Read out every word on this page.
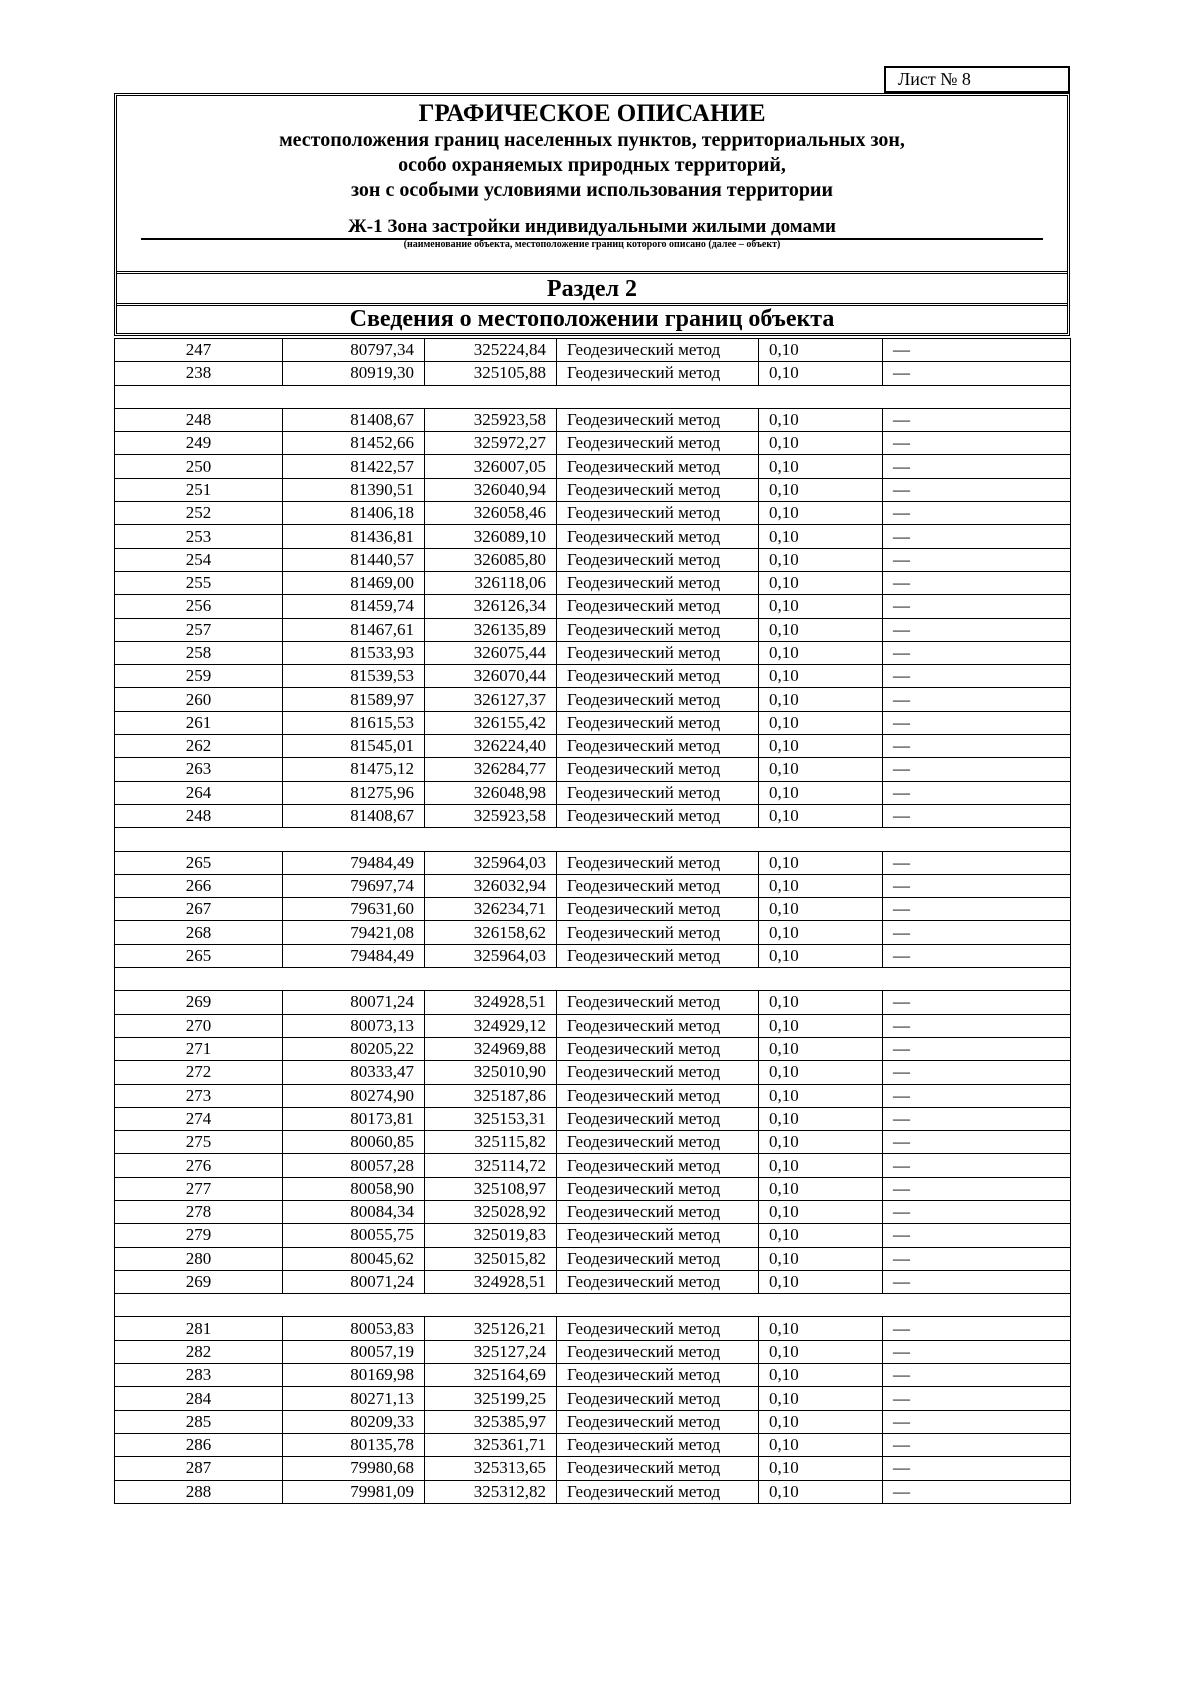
Лист № 8
ГРАФИЧЕСКОЕ ОПИСАНИЕ
местоположения границ населенных пунктов, территориальных зон,
особо охраняемых природных территорий,
зон с особыми условиями использования территории
Ж-1 Зона застройки индивидуальными жилыми домами
(наименование объекта, местоположение границ которого описано (далее – объект)
Раздел 2
Сведения о местоположении границ объекта
247	80797,34	325224,84	Геодезический метод	0,10	—
238	80919,30	325105,88	Геодезический метод	0,10	—

248	81408,67	325923,58	Геодезический метод	0,10	—
249	81452,66	325972,27	Геодезический метод	0,10	—
250	81422,57	326007,05	Геодезический метод	0,10	—
251	81390,51	326040,94	Геодезический метод	0,10	—
252	81406,18	326058,46	Геодезический метод	0,10	—
253	81436,81	326089,10	Геодезический метод	0,10	—
254	81440,57	326085,80	Геодезический метод	0,10	—
255	81469,00	326118,06	Геодезический метод	0,10	—
256	81459,74	326126,34	Геодезический метод	0,10	—
257	81467,61	326135,89	Геодезический метод	0,10	—
258	81533,93	326075,44	Геодезический метод	0,10	—
259	81539,53	326070,44	Геодезический метод	0,10	—
260	81589,97	326127,37	Геодезический метод	0,10	—
261	81615,53	326155,42	Геодезический метод	0,10	—
262	81545,01	326224,40	Геодезический метод	0,10	—
263	81475,12	326284,77	Геодезический метод	0,10	—
264	81275,96	326048,98	Геодезический метод	0,10	—
248	81408,67	325923,58	Геодезический метод	0,10	—

265	79484,49	325964,03	Геодезический метод	0,10	—
266	79697,74	326032,94	Геодезический метод	0,10	—
267	79631,60	326234,71	Геодезический метод	0,10	—
268	79421,08	326158,62	Геодезический метод	0,10	—
265	79484,49	325964,03	Геодезический метод	0,10	—

269	80071,24	324928,51	Геодезический метод	0,10	—
270	80073,13	324929,12	Геодезический метод	0,10	—
271	80205,22	324969,88	Геодезический метод	0,10	—
272	80333,47	325010,90	Геодезический метод	0,10	—
273	80274,90	325187,86	Геодезический метод	0,10	—
274	80173,81	325153,31	Геодезический метод	0,10	—
275	80060,85	325115,82	Геодезический метод	0,10	—
276	80057,28	325114,72	Геодезический метод	0,10	—
277	80058,90	325108,97	Геодезический метод	0,10	—
278	80084,34	325028,92	Геодезический метод	0,10	—
279	80055,75	325019,83	Геодезический метод	0,10	—
280	80045,62	325015,82	Геодезический метод	0,10	—
269	80071,24	324928,51	Геодезический метод	0,10	—

281	80053,83	325126,21	Геодезический метод	0,10	—
282	80057,19	325127,24	Геодезический метод	0,10	—
283	80169,98	325164,69	Геодезический метод	0,10	—
284	80271,13	325199,25	Геодезический метод	0,10	—
285	80209,33	325385,97	Геодезический метод	0,10	—
286	80135,78	325361,71	Геодезический метод	0,10	—
287	79980,68	325313,65	Геодезический метод	0,10	—
288	79981,09	325312,82	Геодезический метод	0,10	—
